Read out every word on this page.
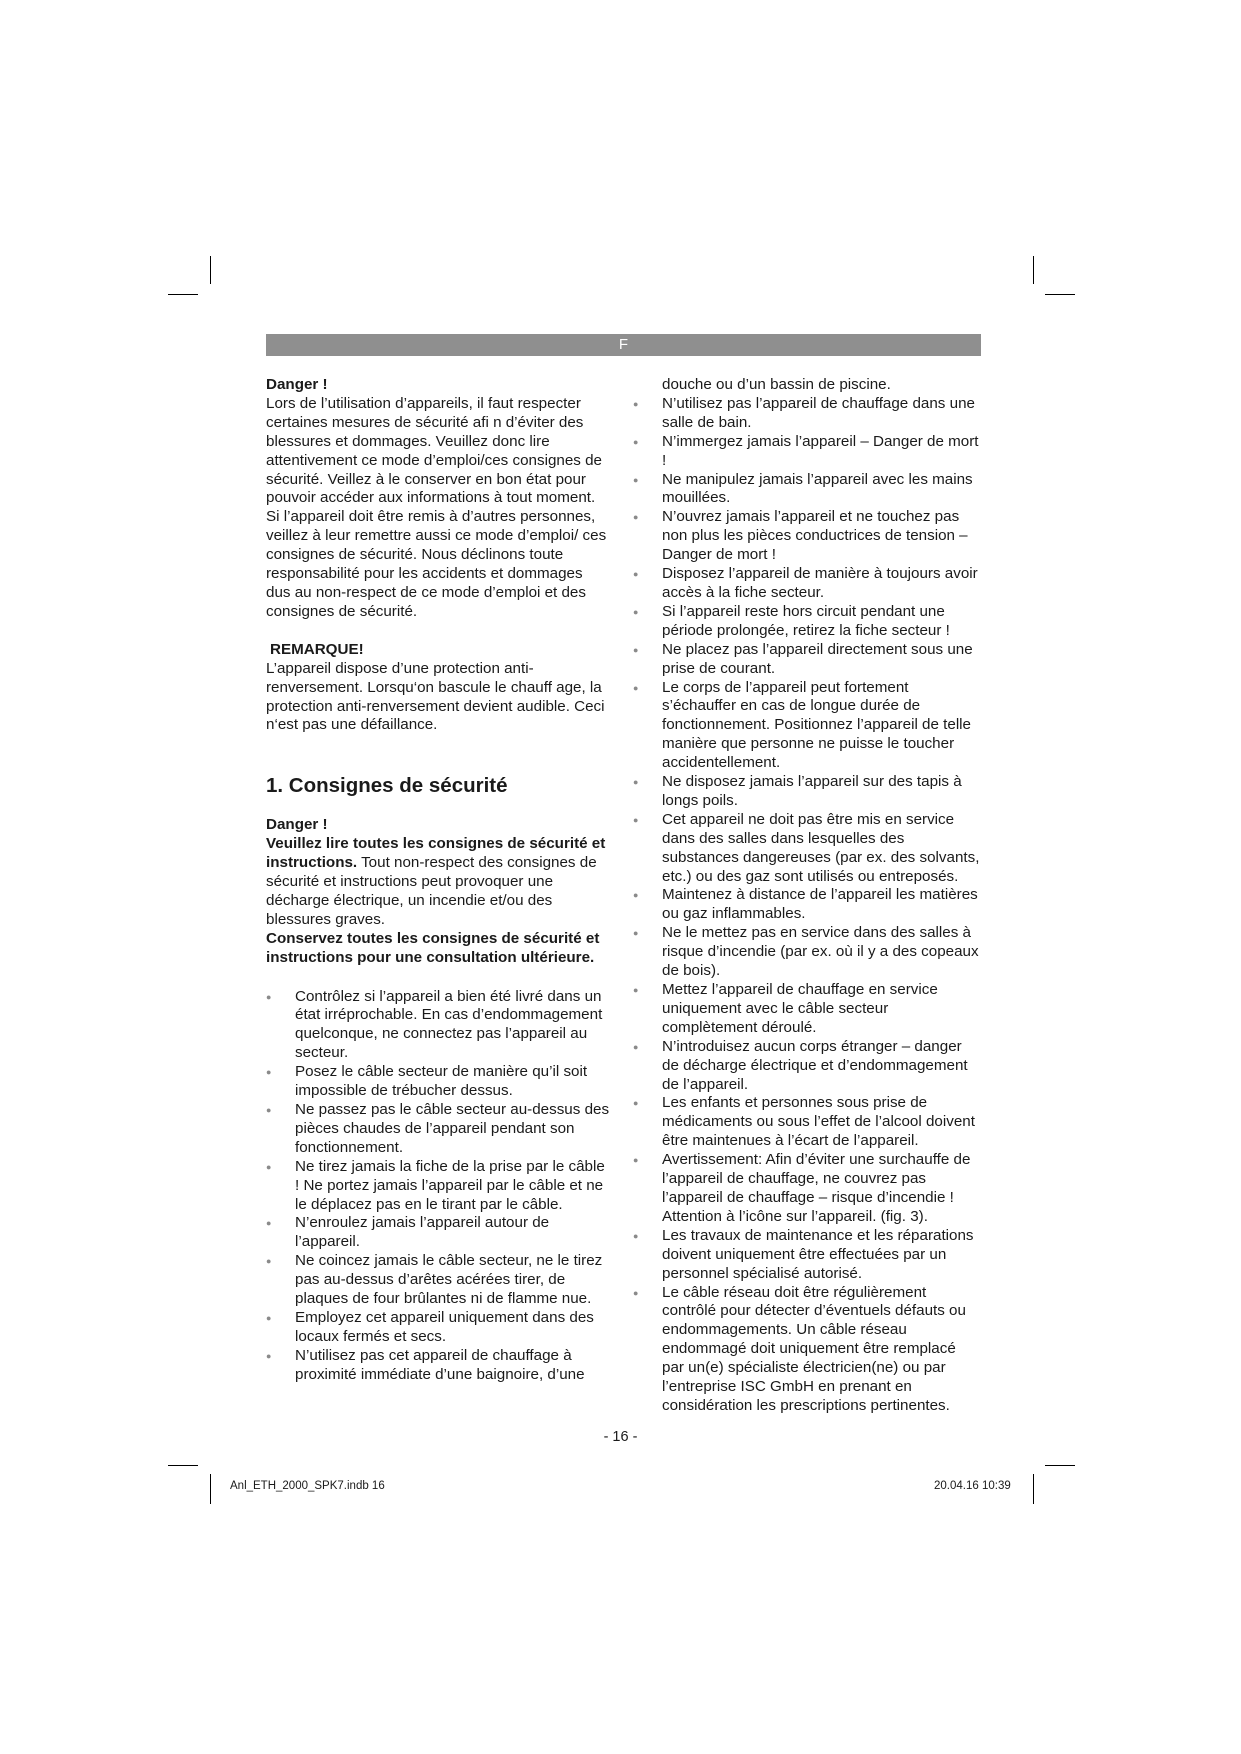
F

Danger !

Lors de l’utilisation d’appareils, il faut respecter certaines mesures de sécurité afi n d’éviter des blessures et dommages. Veuillez donc lire attentivement ce mode d’emploi/ces consignes de sécurité. Veillez à le conserver en bon état pour pouvoir accéder aux informations à tout moment. Si l’appareil doit être remis à d’autres personnes, veillez à leur remettre aussi ce mode d’emploi/ ces consignes de sécurité. Nous déclinons toute responsabilité pour les accidents et dommages dus au non-respect de ce mode d’emploi et des consignes de sécurité.

REMARQUE!

L’appareil dispose d’une protection anti-renversement. Lorsqu‘on bascule le chauff age, la protection anti-renversement devient audible. Ceci n‘est pas une défaillance.

1. Consignes de sécurité

Danger !

Veuillez lire toutes les consignes de sécurité et instructions. Tout non-respect des consignes de sécurité et instructions peut provoquer une décharge électrique, un incendie et/ou des blessures graves.

Conservez toutes les consignes de sécurité et instructions pour une consultation ultérieure.

● Contrôlez si l’appareil a bien été livré dans un état irréprochable. En cas d’endommagement quelconque, ne connectez pas l’appareil au secteur.
● Posez le câble secteur de manière qu’il soit impossible de trébucher dessus.
● Ne passez pas le câble secteur au-dessus des pièces chaudes de l’appareil pendant son fonctionnement.
● Ne tirez jamais la fiche de la prise par le câble ! Ne portez jamais l’appareil par le câble et ne le déplacez pas en le tirant par le câble.
● N’enroulez jamais l’appareil autour de l’appareil.
● Ne coincez jamais le câble secteur, ne le tirez pas au-dessus d’arêtes acérées tirer, de plaques de four brûlantes ni de flamme nue.
● Employez cet appareil uniquement dans des locaux fermés et secs.
● N’utilisez pas cet appareil de chauffage à proximité immédiate d’une baignoire, d’une

douche ou d’un bassin de piscine.

● N’utilisez pas l’appareil de chauffage dans une salle de bain.
● N’immergez jamais l’appareil – Danger de mort !
● Ne manipulez jamais l’appareil avec les mains mouillées.
● N’ouvrez jamais l’appareil et ne touchez pas non plus les pièces conductrices de tension – Danger de mort !
● Disposez l’appareil de manière à toujours avoir accès à la fiche secteur.
● Si l’appareil reste hors circuit pendant une période prolongée, retirez la fiche secteur !
● Ne placez pas l’appareil directement sous une prise de courant.
● Le corps de l’appareil peut fortement s’échauffer en cas de longue durée de fonctionnement. Positionnez l’appareil de telle manière que personne ne puisse le toucher accidentellement.
● Ne disposez jamais l’appareil sur des tapis à longs poils.
● Cet appareil ne doit pas être mis en service dans des salles dans lesquelles des substances dangereuses (par ex. des solvants, etc.) ou des gaz sont utilisés ou entreposés.
● Maintenez à distance de l’appareil les matières ou gaz inflammables.
● Ne le mettez pas en service dans des salles à risque d’incendie (par ex. où il y a des copeaux de bois).
● Mettez l’appareil de chauffage en service uniquement avec le câble secteur complètement déroulé.
● N’introduisez aucun corps étranger – danger de décharge électrique et d’endommagement de l’appareil.
● Les enfants et personnes sous prise de médicaments ou sous l’effet de l’alcool doivent être maintenues à l’écart de l’appareil.
● Avertissement: Afin d’éviter une surchauffe de l’appareil de chauffage, ne couvrez pas l’appareil de chauffage – risque d’incendie ! Attention à l’icône sur l’appareil. (fig. 3).
● Les travaux de maintenance et les réparations doivent uniquement être effectuées par un personnel spécialisé autorisé.
● Le câble réseau doit être régulièrement contrôlé pour détecter d’éventuels défauts ou endommagements. Un câble réseau endommagé doit uniquement être remplacé par un(e) spécialiste électricien(ne) ou par l’entreprise ISC GmbH en prenant en considération les prescriptions pertinentes.
- 16 -
Anl_ETH_2000_SPK7.indb 16	20.04.16 10:39
